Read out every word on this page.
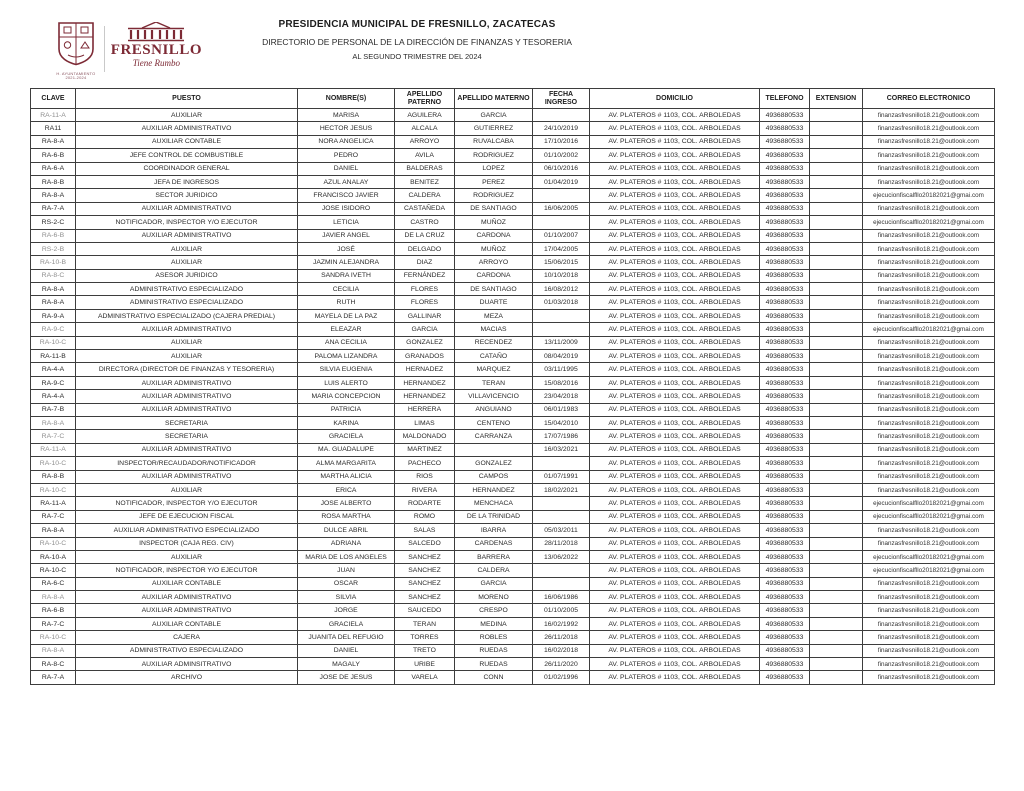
H. AYUNTAMIENTO 2021-2024
FRESNILLO
Tiene Rumbo
PRESIDENCIA MUNICIPAL DE FRESNILLO, ZACATECAS
DIRECTORIO DE PERSONAL DE LA DIRECCIÓN DE FINANZAS Y TESORERIA
AL SEGUNDO TRIMESTRE DEL 2024
CLAVE	PUESTO	NOMBRE(S)	APELLIDO PATERNO	APELLIDO MATERNO	FECHA INGRESO	DOMICILIO	TELEFONO	EXTENSION	CORREO ELECTRONICO
RA-11-A	AUXILIAR	MARISA	AGUILERA	GARCIA		AV. PLATEROS # 1103, COL. ARBOLEDAS	4936880533		finanzasfresnillo18.21@outlook.com
RA11	AUXILIAR ADMINISTRATIVO	HECTOR JESUS	ALCALA	GUTIERREZ	24/10/2019	AV. PLATEROS # 1103, COL. ARBOLEDAS	4936880533		finanzasfresnillo18.21@outlook.com
RA-8-A	AUXILIAR CONTABLE	NORA ANGELICA	ARROYO	RUVALCABA	17/10/2016	AV. PLATEROS # 1103, COL. ARBOLEDAS	4936880533		finanzasfresnillo18.21@outlook.com
RA-6-B	JEFE CONTROL DE COMBUSTIBLE	PEDRO	AVILA	RODRIGUEZ	01/10/2002	AV. PLATEROS # 1103, COL. ARBOLEDAS	4936880533		finanzasfresnillo18.21@outlook.com
RA-6-A	COORDINADOR GENERAL	DANIEL	BALDERAS	LOPEZ	06/10/2016	AV. PLATEROS # 1103, COL. ARBOLEDAS	4936880533		finanzasfresnillo18.21@outlook.com
RA-8-B	JEFA DE INGRESOS	AZUL ANALAY	BENITEZ	PEREZ	01/04/2019	AV. PLATEROS # 1103, COL. ARBOLEDAS	4936880533		finanzasfresnillo18.21@outlook.com
RA-8-A	SECTOR JURIDICO	FRANCISCO JAVIER	CALDERA	RODRIGUEZ		AV. PLATEROS # 1103, COL. ARBOLEDAS	4936880533		ejecucionfiscalfllo20182021@gmai.com
RA-7-A	AUXILIAR ADMINISTRATIVO	JOSE ISIDORO	CASTAÑEDA	DE SANTIAGO	16/06/2005	AV. PLATEROS # 1103, COL. ARBOLEDAS	4936880533		finanzasfresnillo18.21@outlook.com
RS-2-C	NOTIFICADOR, INSPECTOR Y/O EJECUTOR	LETICIA	CASTRO	MUÑOZ		AV. PLATEROS # 1103, COL. ARBOLEDAS	4936880533		ejecucionfiscalfllo20182021@gmai.com
RA-6-B	AUXILIAR ADMINISTRATIVO	JAVIER ANGEL	DE LA CRUZ	CARDONA	01/10/2007	AV. PLATEROS # 1103, COL. ARBOLEDAS	4936880533		finanzasfresnillo18.21@outlook.com
RS-2-B	AUXILIAR	JOSÉ	DELGADO	MUÑOZ	17/04/2005	AV. PLATEROS # 1103, COL. ARBOLEDAS	4936880533		finanzasfresnillo18.21@outlook.com
RA-10-B	AUXILIAR	JAZMIN ALEJANDRA	DIAZ	ARROYO	15/06/2015	AV. PLATEROS # 1103, COL. ARBOLEDAS	4936880533		finanzasfresnillo18.21@outlook.com
RA-8-C	ASESOR JURIDICO	SANDRA IVETH	FERNÁNDEZ	CARDONA	10/10/2018	AV. PLATEROS # 1103, COL. ARBOLEDAS	4936880533		finanzasfresnillo18.21@outlook.com
RA-8-A	ADMINISTRATIVO ESPECIALIZADO	CECILIA	FLORES	DE SANTIAGO	16/08/2012	AV. PLATEROS # 1103, COL. ARBOLEDAS	4936880533		finanzasfresnillo18.21@outlook.com
RA-8-A	ADMINISTRATIVO ESPECIALIZADO	RUTH	FLORES	DUARTE	01/03/2018	AV. PLATEROS # 1103, COL. ARBOLEDAS	4936880533		finanzasfresnillo18.21@outlook.com
RA-9-A	ADMINISTRATIVO ESPECIALIZADO (CAJERA PREDIAL)	MAYELA DE LA PAZ	GALLINAR	MEZA		AV. PLATEROS # 1103, COL. ARBOLEDAS	4936880533		finanzasfresnillo18.21@outlook.com
RA-9-C	AUXILIAR ADMINISTRATIVO	ELEAZAR	GARCIA	MACIAS		AV. PLATEROS # 1103, COL. ARBOLEDAS	4936880533		ejecucionfiscalfllo20182021@gmai.com
RA-10-C	AUXILIAR	ANA CECILIA	GONZALEZ	RECENDEZ	13/11/2009	AV. PLATEROS # 1103, COL. ARBOLEDAS	4936880533		finanzasfresnillo18.21@outlook.com
RA-11-B	AUXILIAR	PALOMA LIZANDRA	GRANADOS	CATAÑO	08/04/2019	AV. PLATEROS # 1103, COL. ARBOLEDAS	4936880533		finanzasfresnillo18.21@outlook.com
RA-4-A	DIRECTORA (DIRECTOR DE FINANZAS Y TESORERIA)	SILVIA EUGENIA	HERNADEZ	MARQUEZ	03/11/1995	AV. PLATEROS # 1103, COL. ARBOLEDAS	4936880533		finanzasfresnillo18.21@outlook.com
RA-9-C	AUXILIAR ADMINISTRATIVO	LUIS ALERTO	HERNANDEZ	TERAN	15/08/2016	AV. PLATEROS # 1103, COL. ARBOLEDAS	4936880533		finanzasfresnillo18.21@outlook.com
RA-4-A	AUXILIAR ADMINISTRATIVO	MARIA CONCEPCION	HERNANDEZ	VILLAVICENCIO	23/04/2018	AV. PLATEROS # 1103, COL. ARBOLEDAS	4936880533		finanzasfresnillo18.21@outlook.com
RA-7-B	AUXILIAR ADMINISTRATIVO	PATRICIA	HERRERA	ANGUIANO	06/01/1983	AV. PLATEROS # 1103, COL. ARBOLEDAS	4936880533		finanzasfresnillo18.21@outlook.com
RA-8-A	SECRETARIA	KARINA	LIMAS	CENTENO	15/04/2010	AV. PLATEROS # 1103, COL. ARBOLEDAS	4936880533		finanzasfresnillo18.21@outlook.com
RA-7-C	SECRETARIA	GRACIELA	MALDONADO	CARRANZA	17/07/1986	AV. PLATEROS # 1103, COL. ARBOLEDAS	4936880533		finanzasfresnillo18.21@outlook.com
RA-11-A	AUXILIAR ADMINISTRATIVO	MA. GUADALUPE	MARTINEZ		16/03/2021	AV. PLATEROS # 1103, COL. ARBOLEDAS	4936880533		finanzasfresnillo18.21@outlook.com
RA-10-C	INSPECTOR/RECAUDADOR/NOTIFICADOR	ALMA MARGARITA	PACHECO	GONZALEZ		AV. PLATEROS # 1103, COL. ARBOLEDAS	4936880533		finanzasfresnillo18.21@outlook.com
RA-8-B	AUXILIAR ADMINISTRATIVO	MARTHA ALICIA	RIOS	CAMPOS	01/07/1991	AV. PLATEROS # 1103, COL. ARBOLEDAS	4936880533		finanzasfresnillo18.21@outlook.com
RA-10-C	AUXILIAR	ERICA	RIVERA	HERNANDEZ	18/02/2021	AV. PLATEROS # 1103, COL. ARBOLEDAS	4936880533		finanzasfresnillo18.21@outlook.com
RA-11-A	NOTIFICADOR, INSPECTOR Y/O EJECUTOR	JOSE ALBERTO	RODARTE	MENCHACA		AV. PLATEROS # 1103, COL. ARBOLEDAS	4936880533		ejecucionfiscalfllo20182021@gmai.com
RA-7-C	JEFE DE EJECUCION FISCAL	ROSA MARTHA	ROMO	DE LA TRINIDAD		AV. PLATEROS # 1103, COL. ARBOLEDAS	4936880533		ejecucionfiscalfllo20182021@gmai.com
RA-8-A	AUXILIAR ADMINISTRATIVO ESPECIALIZADO	DULCE ABRIL	SALAS	IBARRA	05/03/2011	AV. PLATEROS # 1103, COL. ARBOLEDAS	4936880533		finanzasfresnillo18.21@outlook.com
RA-10-C	INSPECTOR (CAJA REG. CIV)	ADRIANA	SALCEDO	CARDENAS	28/11/2018	AV. PLATEROS # 1103, COL. ARBOLEDAS	4936880533		finanzasfresnillo18.21@outlook.com
RA-10-A	AUXILIAR	MARIA DE LOS ANGELES	SANCHEZ	BARRERA	13/06/2022	AV. PLATEROS # 1103, COL. ARBOLEDAS	4936880533		ejecucionfiscalfllo20182021@gmai.com
RA-10-C	NOTIFICADOR, INSPECTOR Y/O EJECUTOR	JUAN	SANCHEZ	CALDERA		AV. PLATEROS # 1103, COL. ARBOLEDAS	4936880533		ejecucionfiscalfllo20182021@gmai.com
RA-6-C	AUXILIAR CONTABLE	OSCAR	SANCHEZ	GARCIA		AV. PLATEROS # 1103, COL. ARBOLEDAS	4936880533		finanzasfresnillo18.21@outlook.com
RA-8-A	AUXILIAR ADMINISTRATIVO	SILVIA	SANCHEZ	MORENO	16/06/1986	AV. PLATEROS # 1103, COL. ARBOLEDAS	4936880533		finanzasfresnillo18.21@outlook.com
RA-6-B	AUXILIAR ADMINISTRATIVO	JORGE	SAUCEDO	CRESPO	01/10/2005	AV. PLATEROS # 1103, COL. ARBOLEDAS	4936880533		finanzasfresnillo18.21@outlook.com
RA-7-C	AUXILIAR CONTABLE	GRACIELA	TERAN	MEDINA	16/02/1992	AV. PLATEROS # 1103, COL. ARBOLEDAS	4936880533		finanzasfresnillo18.21@outlook.com
RA-10-C	CAJERA	JUANITA DEL REFUGIO	TORRES	ROBLES	26/11/2018	AV. PLATEROS # 1103, COL. ARBOLEDAS	4936880533		finanzasfresnillo18.21@outlook.com
RA-8-A	ADMINISTRATIVO ESPECIALIZADO	DANIEL	TRETO	RUEDAS	16/02/2018	AV. PLATEROS # 1103, COL. ARBOLEDAS	4936880533		finanzasfresnillo18.21@outlook.com
RA-8-C	AUXILIAR ADMINSITRATIVO	MAGALY	URIBE	RUEDAS	26/11/2020	AV. PLATEROS # 1103, COL. ARBOLEDAS	4936880533		finanzasfresnillo18.21@outlook.com
RA-7-A	ARCHIVO	JOSE DE JESUS	VARELA	CONN	01/02/1996	AV. PLATEROS # 1103, COL. ARBOLEDAS	4936880533		finanzasfresnillo18.21@outlook.com
